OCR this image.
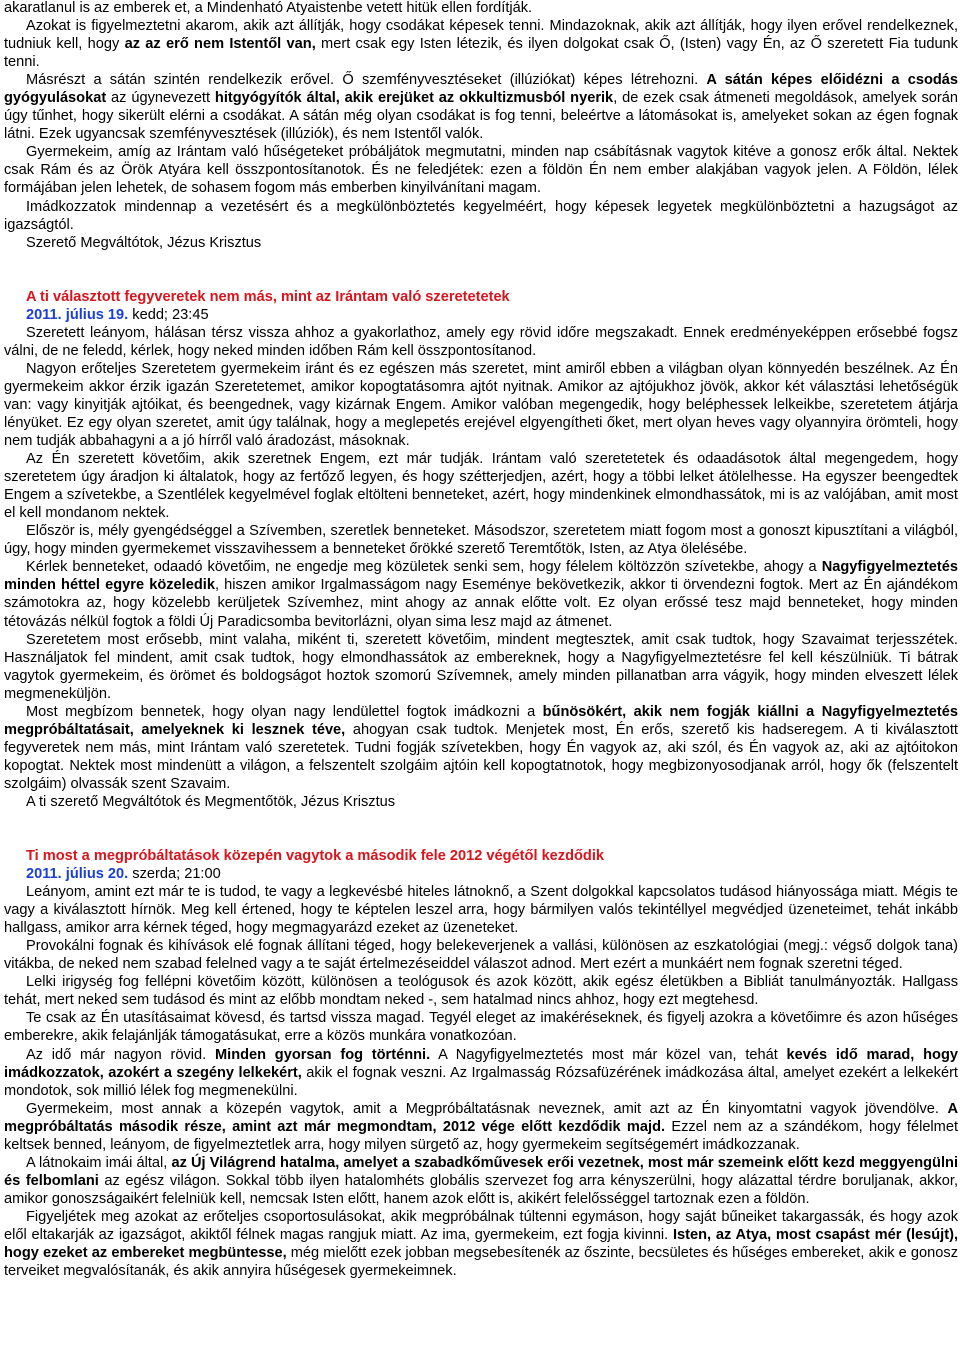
akaratlanul is az emberek et, a Mindenható Atyaistenbe vetett hitük ellen fordítják.

Azokat is figyelmeztetni akarom, akik azt állítják, hogy csodákat képesek tenni. Mindazoknak, akik azt állítják, hogy ilyen erővel rendelkeznek, tudniuk kell, hogy az az erő nem Istentől van, mert csak egy Isten létezik, és ilyen dolgokat csak Ő, (Isten) vagy Én, az Ő szeretett Fia tudunk tenni.

Másrészt a sátán szintén rendelkezik erővel. Ő szemfényvesztéseket (illúziókat) képes létrehozni. A sátán képes előidézni a csodás gyógyulásokat az úgynevezett hitgyógyítók által, akik erejüket az okkultizmusból nyerik, de ezek csak átmeneti megoldások, amelyek során úgy tűnhet, hogy sikerült elérni a csodákat. A sátán még olyan csodákat is fog tenni, beleértve a látomásokat is, amelyeket sokan az égen fognak látni. Ezek ugyancsak szemfényvesztések (illúziók), és nem Istentől valók.

Gyermekeim, amíg az Irántam való hűségeteket próbáljátok megmutatni, minden nap csábításnak vagytok kitéve a gonosz erők által. Nektek csak Rám és az Örök Atyára kell összpontosítanotok. És ne feledjétek: ezen a földön Én nem ember alakjában vagyok jelen. A Földön, lélek formájában jelen lehetek, de sohasem fogom más emberben kinyilvánítani magam.

Imádkozzatok mindennap a vezetésért és a megkülönböztetés kegyelméért, hogy képesek legyetek megkülönböztetni a hazugságot az igazságtól.

Szerető Megváltótok, Jézus Krisztus

A ti választott fegyveretek nem más, mint az Irántam való szeretetetek

2011. július 19. kedd; 23:45

Szeretett leányom, hálásan térsz vissza ahhoz a gyakorlathoz, amely egy rövid időre megszakadt. Ennek eredményeképpen erősebbé fogsz válni, de ne feledd, kérlek, hogy neked minden időben Rám kell összpontosítanod.

Nagyon erőteljes Szeretetem gyermekeim iránt és ez egészen más szeretet, mint amiről ebben a világban olyan könnyedén beszélnek. Az Én gyermekeim akkor érzik igazán Szeretetemet, amikor kopogtatásomra ajtót nyitnak. Amikor az ajtójukhoz jövök, akkor két választási lehetőségük van: vagy kinyitják ajtóikat, és beengednek, vagy kizárnak Engem. Amikor valóban megengedik, hogy beléphessek lelkeikbe, szeretetem átjárja lényüket. Ez egy olyan szeretet, amit úgy találnak, hogy a meglepetés erejével elgyengítheti őket, mert olyan heves vagy olyannyira örömteli, hogy nem tudják abbahagyni a a jó hírről való áradozást, másoknak.

Az Én szeretett követőim, akik szeretnek Engem, ezt már tudják. Irántam való szeretetetek és odaadásotok által megengedem, hogy szeretetem úgy áradjon ki általatok, hogy az fertőző legyen, és hogy szétterjedjen, azért, hogy a többi lelket átölelhesse. Ha egyszer beengedtek Engem a szívetekbe, a Szentlélek kegyelmével foglak eltölteni benneteket, azért, hogy mindenkinek elmondhassátok, mi is az valójában, amit most el kell mondanom nektek.

Először is, mély gyengédséggel a Szívemben, szeretlek benneteket. Másodszor, szeretetem miatt fogom most a gonoszt kipusztítani a világból, úgy, hogy minden gyermekemet visszavihessem a benneteket őrökké szerető Teremtőtök, Isten, az Atya ölelésébe.

Kérlek benneteket, odaadó követőim, ne engedje meg közületek senki sem, hogy félelem költözzön szívetekbe, ahogy a Nagyfigyelmeztetés minden héttel egyre közeledik, hiszen amikor Irgalmasságom nagy Eseménye bekövetkezik, akkor ti örvendezni fogtok. Mert az Én ajándékom számotokra az, hogy közelebb kerüljetek Szívemhez, mint ahogy az annak előtte volt. Ez olyan erőssé tesz majd benneteket, hogy minden tétovázás nélkül fogtok a földi Új Paradicsomba bevitorlázni, olyan sima lesz majd az átmenet.

Szeretetem most erősebb, mint valaha, miként ti, szeretett követőim, mindent megtesztek, amit csak tudtok, hogy Szavaimat terjesszétek. Használjatok fel mindent, amit csak tudtok, hogy elmondhassátok az embereknek, hogy a Nagyfigyelmeztetésre fel kell készülniük. Ti bátrak vagytok gyermekeim, és örömet és boldogságot hoztok szomorú Szívemnek, amely minden pillanatban arra vágyik, hogy minden elveszett lélek megmeneküljön.

Most megbízom bennetek, hogy olyan nagy lendülettel fogtok imádkozni a bűnösökért, akik nem fogják kiállni a Nagyfigyelmeztetés megpróbáltatásait, amelyeknek ki lesznek téve, ahogyan csak tudtok. Menjetek most, Én erős, szerető kis hadseregem. A ti kiválasztott fegyveretek nem más, mint Irántam való szeretetek. Tudni fogják szívetekben, hogy Én vagyok az, aki szól, és Én vagyok az, aki az ajtóitokon kopogtat. Nektek most mindenütt a világon, a felszentelt szolgáim ajtóin kell kopogtatnotok, hogy megbizonyosodjanak arról, hogy ők (felszentelt szolgáim) olvassák szent Szavaim.

A ti szerető Megváltótok és Megmentőtök, Jézus Krisztus

Ti most a megpróbáltatások közepén vagytok a második fele 2012 végétől kezdődik

2011. július 20. szerda; 21:00

Leányom, amint ezt már te is tudod, te vagy a legkevésbé hiteles látnoknő, a Szent dolgokkal kapcsolatos tudásod hiányossága miatt. Mégis te vagy a kiválasztott hírnök. Meg kell értened, hogy te képtelen leszel arra, hogy bármilyen valós tekintéllyel megvédjed üzeneteimet, tehát inkább hallgass, amikor arra kérnek téged, hogy megmagyarázd ezeket az üzeneteket.

Provokálni fognak és kihívások elé fognak állítani téged, hogy belekeverjenek a vallási, különösen az eszkatológiai (megj.: végső dolgok tana) vitákba, de neked nem szabad felelned vagy a te saját értelmezéseiddel válaszot adnod. Mert ezért a munkáért nem fognak szeretni téged.

Lelki irigység fog fellépni követőim között, különösen a teológusok és azok között, akik egész életükben a Bibliát tanulmányozták. Hallgass tehát, mert neked sem tudásod és mint az előbb mondtam neked -, sem hatalmad nincs ahhoz, hogy ezt megtehesd.

Te csak az Én utasításaimat kövesd, és tartsd vissza magad. Tegyél eleget az imakéréseknek, és figyelj azokra a követőimre és azon hűséges emberekre, akik felajánlják támogatásukat, erre a közös munkára vonatkozóan.

Az idő már nagyon rövid. Minden gyorsan fog történni. A Nagyfigyelmeztetés most már közel van, tehát kevés idő marad, hogy imádkozzatok, azokért a szegény lelkekért, akik el fognak veszni. Az Irgalmasság Rózsafüzérének imádkozása által, amelyet ezekért a lelkekért mondotok, sok millió lélek fog megmenekülni.

Gyermekeim, most annak a közepén vagytok, amit a Megpróbáltatásnak neveznek, amit azt az Én kinyomtatni vagyok jövendölve. A megpróbáltatás második része, amint azt már megmondtam, 2012 vége előtt kezdődik majd. Ezzel nem az a szándékom, hogy félelmet keltsek benned, leányom, de figyelmeztetlek arra, hogy milyen sürgető az, hogy gyermekeim segítségemért imádkozzanak.

A látnokaim imái által, az Új Világrend hatalma, amelyet a szabadkőművesek erői vezetnek, most már szemeink előtt kezd meggyengülni és felbomlani az egész világon. Sokkal több ilyen hatalomhéts globális szervezet fog arra kényszerülni, hogy alázattal térdre boruljanak, akkor, amikor gonoszságaikért felelniük kell, nemcsak Isten előtt, hanem azok előtt is, akikért felelősséggel tartoznak ezen a földön.

Figyeljétek meg azokat az erőteljes csoportosulásokat, akik megpróbálnak túltenni egymáson, hogy saját bűneiket takargassák, és hogy azok elől eltakarják az igazságot, akiktől félnek magas rangjuk miatt. Az ima, gyermekeim, ezt fogja kivinni. Isten, az Atya, most csapást mér (lesújt), hogy ezeket az embereket megbüntesse, még mielőtt ezek jobban megsebesítenék az őszinte, becsületes és hűséges embereket, akik e gonosz terveiket megvalósítanák, és akik annyira hűségesek gyermekeimnek.
